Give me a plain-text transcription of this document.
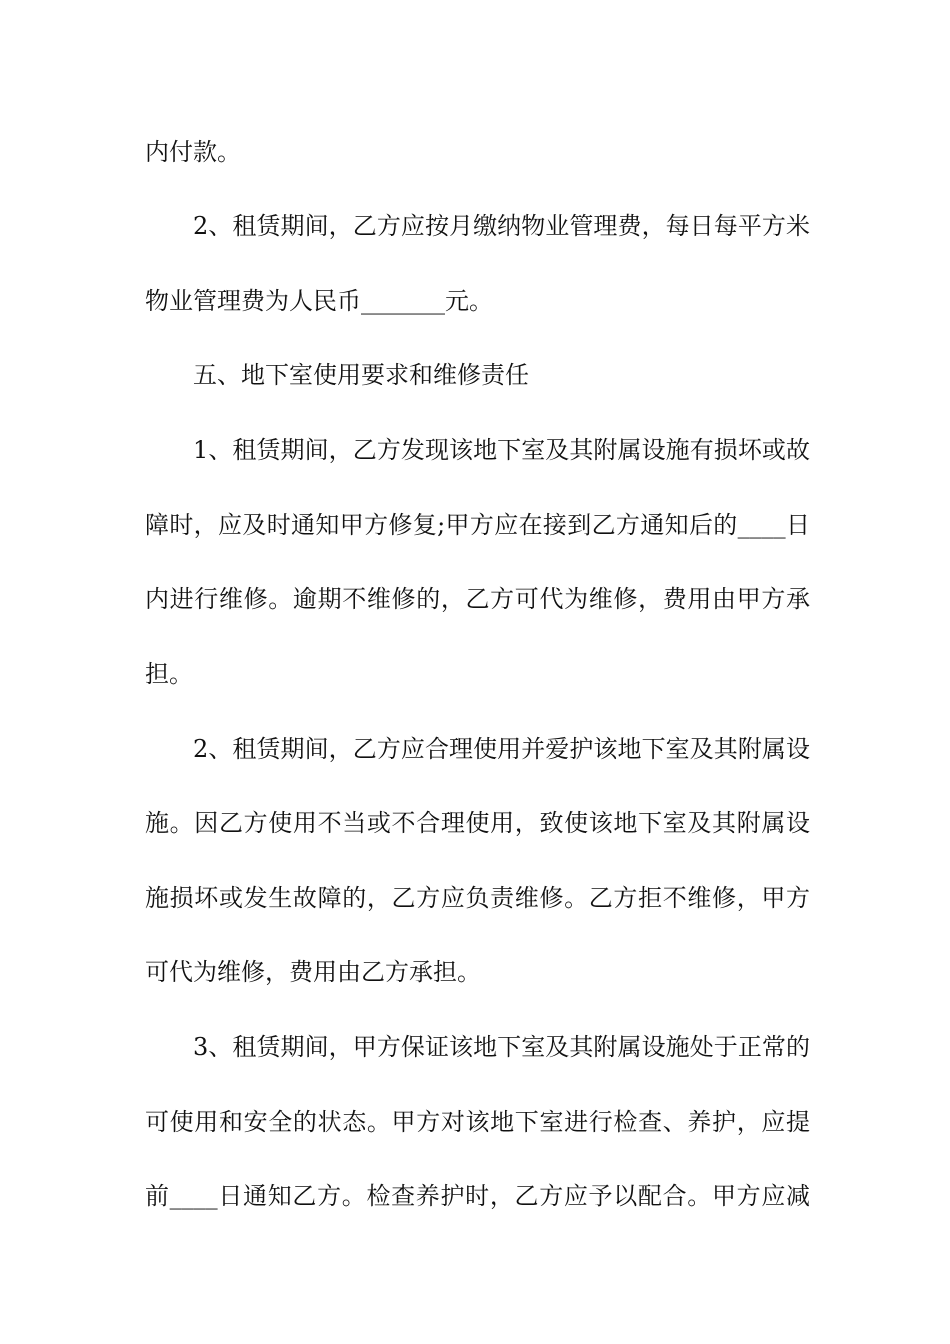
内付款。
2、租赁期间，乙方应按月缴纳物业管理费，每日每平方米
物业管理费为人民币_______元。
五、地下室使用要求和维修责任
1、租赁期间，乙方发现该地下室及其附属设施有损坏或故
障时，应及时通知甲方修复;甲方应在接到乙方通知后的____日
内进行维修。逾期不维修的，乙方可代为维修，费用由甲方承
担。
2、租赁期间，乙方应合理使用并爱护该地下室及其附属设
施。因乙方使用不当或不合理使用，致使该地下室及其附属设
施损坏或发生故障的，乙方应负责维修。乙方拒不维修，甲方
可代为维修，费用由乙方承担。
3、租赁期间，甲方保证该地下室及其附属设施处于正常的
可使用和安全的状态。甲方对该地下室进行检查、养护，应提
前____日通知乙方。检查养护时，乙方应予以配合。甲方应减
